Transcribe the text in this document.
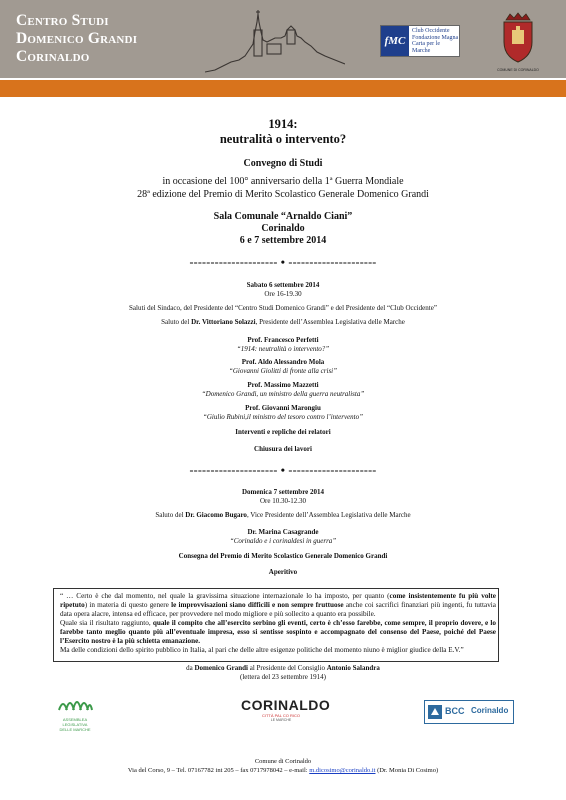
Centro Studi
Domenico Grandi
Corinaldo
fMC
Club Occidente Fondazione Magna Carta per le Marche
COMUNE DI CORINALDO
1914:
neutralità o intervento?
Convegno di Studi
in occasione del 100° anniversario della 1ª Guerra Mondiale
28ª edizione del Premio di Merito Scolastico Generale Domenico Grandi
Sala Comunale “Arnaldo Ciani”
Corinaldo
6 e 7 settembre 2014
--------------------- • ---------------------
Sabato 6 settembre 2014
Ore 16-19.30
Saluti del Sindaco, del Presidente del “Centro Studi Domenico Grandi” e del Presidente del “Club Occidente”
Saluto del Dr. Vittoriano Solazzi, Presidente dell’Assemblea Legislativa delle Marche
Prof. Francesco Perfetti
“1914: neutralità o intervento?”
Prof. Aldo Alessandro Mola
“Giovanni Giolitti di fronte alla crisi”
Prof. Massimo Mazzetti
“Domenico Grandi, un ministro della guerra neutralista”
Prof. Giovanni Marongiu
“Giulio Rubini,il ministro del tesoro contro l’intervento”
Interventi e repliche dei relatori
Chiusura dei lavori
--------------------- • ---------------------
Domenica 7 settembre 2014
Ore 10.30-12.30
Saluto del Dr. Giacomo Bugaro, Vice Presidente dell’Assemblea Legislativa delle Marche
Dr. Marina Casagrande
“Corinaldo e i corinaldesi in guerra”
Consegna del Premio di Merito Scolastico Generale Domenico Grandi
Aperitivo
“ … Certo è che dal momento, nel quale la gravissima situazione internazionale lo ha imposto, per quanto (come insistentemente fu più volte ripetuto) in materia di questo genere le improvvisazioni siano difficili e non sempre fruttuose anche coi sacrifici finanziari più ingenti, fu tuttavia data opera alacre, intensa ed efficace, per provvedere nel modo migliore e più sollecito a quanto era possibile.
Quale sia il risultato raggiunto, quale il compito che all’esercito serbino gli eventi, certo è ch’esso farebbe, come sempre, il proprio dovere, e lo farebbe tanto meglio quanto più all’eventuale impresa, esso si sentisse sospinto e accompagnato del consenso del Paese, poiché del Paese l’Esercito nostro è la più schietta emanazione.
Ma delle condizioni dello spirito pubblico in Italia, al pari che delle altre esigenze politiche del momento niuno è miglior giudice della E.V.”
da Domenico Grandi al Presidente del Consiglio Antonio Salandra
(lettera del 23 settembre 1914)
ASSEMBLEA
LEGISLATIVA
DELLE MARCHE
CORINALDO
CITTÀ PAL CO RICO
LE MARCHE
BCC Corinaldo
Comune di Corinaldo
Via del Corso, 9 – Tel. 07167782 int 205 – fax 0717978042 – e-mail: m.dicosimo@corinaldo.it (Dr. Monia Di Cosimo)
